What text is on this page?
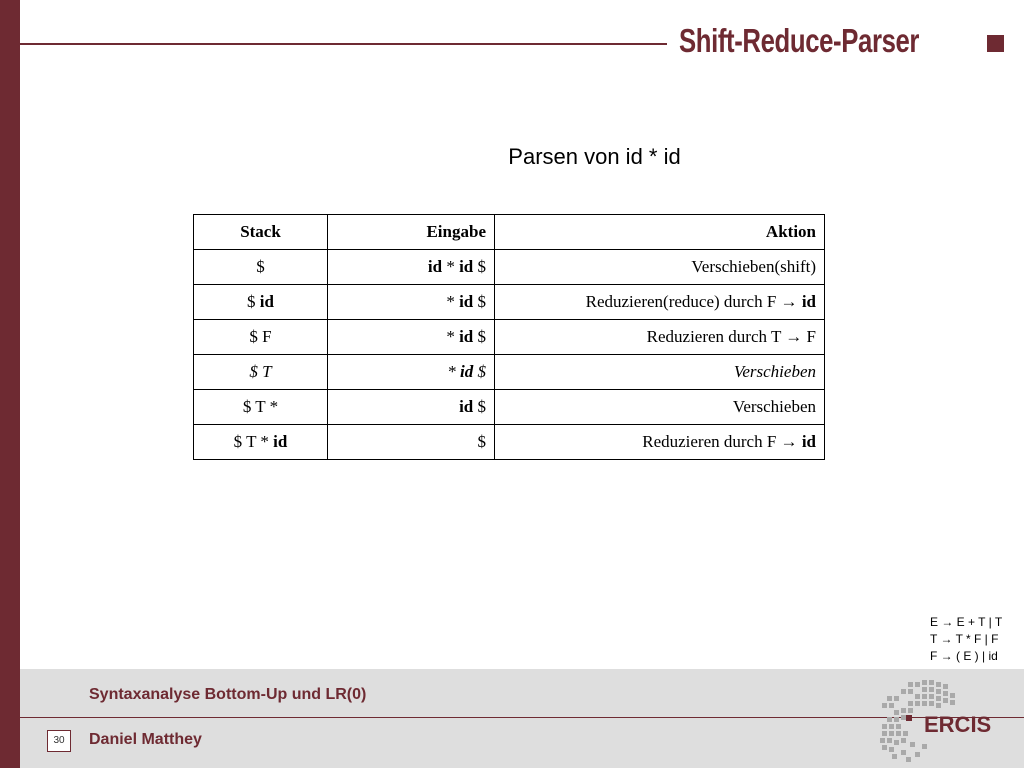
Shift-Reduce-Parser
Parsen von id * id
Stack	Eingabe	Aktion
$	id * id $	Verschieben(shift)
$ id	* id $	Reduzieren(reduce) durch F → id
$ F	* id $	Reduzieren durch T → F
$ T	* id $	Verschieben
$ T *	id $	Verschieben
$ T * id	$	Reduzieren durch F → id
E → E + T | T
T → T * F | F
F → ( E ) | id
Syntaxanalyse Bottom-Up und LR(0)
30	Daniel Matthey
ERCIS
